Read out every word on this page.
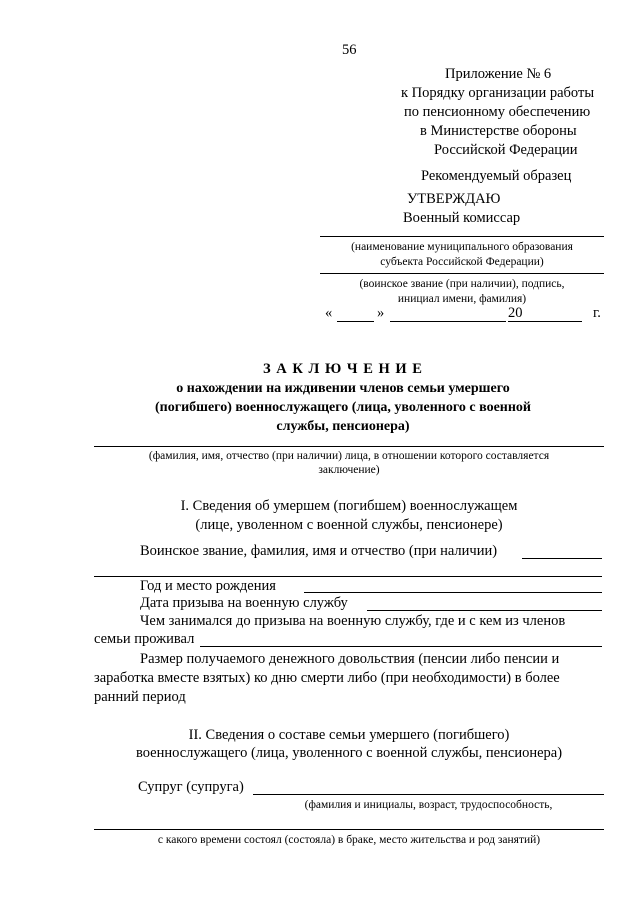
56
Приложение № 6
к Порядку организации работы
по пенсионному обеспечению
в Министерстве обороны
Российской Федерации
Рекомендуемый образец
УТВЕРЖДАЮ
Военный комиссар
(наименование муниципального образования
субъекта Российской Федерации)
(воинское звание (при наличии), подпись,
инициал имени, фамилия)
«	»	20	г.
З А К Л Ю Ч Е Н И Е
о нахождении на иждивении членов семьи умершего
(погибшего) военнослужащего (лица, уволенного с военной
службы, пенсионера)
(фамилия, имя, отчество (при наличии) лица, в отношении которого составляется
заключение)
I. Сведения об умершем (погибшем) военнослужащем
(лице, уволенном с военной службы, пенсионере)
Воинское звание, фамилия, имя и отчество (при наличии)
Год и место рождения
Дата призыва на военную службу
Чем занимался до призыва на военную службу, где и с кем из членов
семьи проживал
Размер получаемого денежного довольствия (пенсии либо пенсии и
заработка вместе взятых) ко дню смерти либо (при необходимости) в более
ранний период
II. Сведения о составе семьи умершего (погибшего)
военнослужащего (лица, уволенного с военной службы, пенсионера)
Супруг (супруга)
(фамилия и инициалы, возраст, трудоспособность,
с какого времени состоял (состояла) в браке, место жительства и род занятий)
